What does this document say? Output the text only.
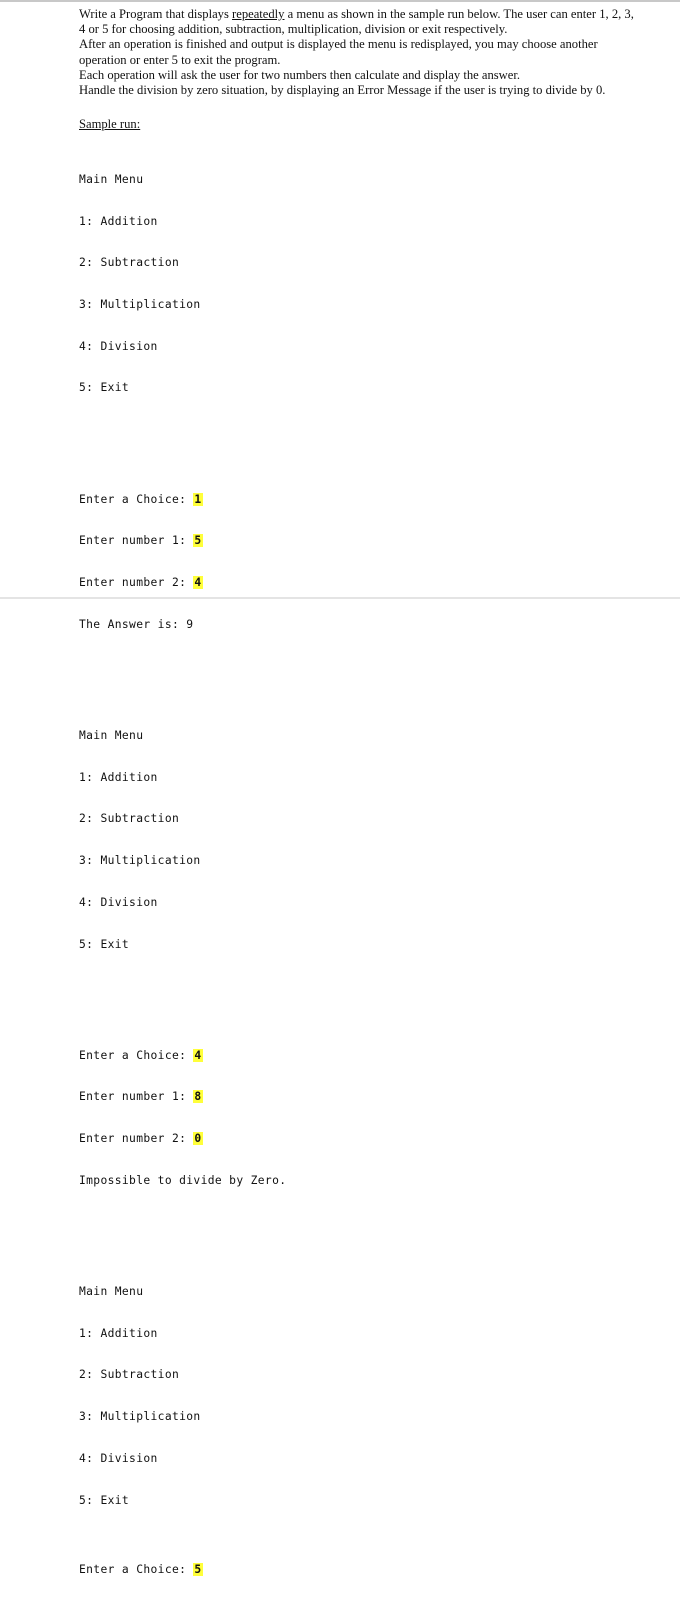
Write a Program that displays repeatedly a menu as shown in the sample run below. The user can enter 1, 2, 3, 4 or 5 for choosing addition, subtraction, multiplication, division or exit respectively.

After an operation is finished and output is displayed the menu is redisplayed, you may choose another operation or enter 5 to exit the program.

Each operation will ask the user for two numbers then calculate and display the answer.

Handle the division by zero situation, by displaying an Error Message if the user is trying to divide by 0.

Sample run:

Main Menu

1: Addition

2: Subtraction

3: Multiplication

4: Division

5: Exit

Enter a Choice: 1

Enter number 1: 5

Enter number 2: 4

The Answer is: 9

Main Menu

1: Addition

2: Subtraction

3: Multiplication

4: Division

5: Exit

Enter a Choice: 4

Enter number 1: 8

Enter number 2: 0

Impossible to divide by Zero.

Main Menu

1: Addition

2: Subtraction

3: Multiplication

4: Division

5: Exit

Enter a Choice: 5
